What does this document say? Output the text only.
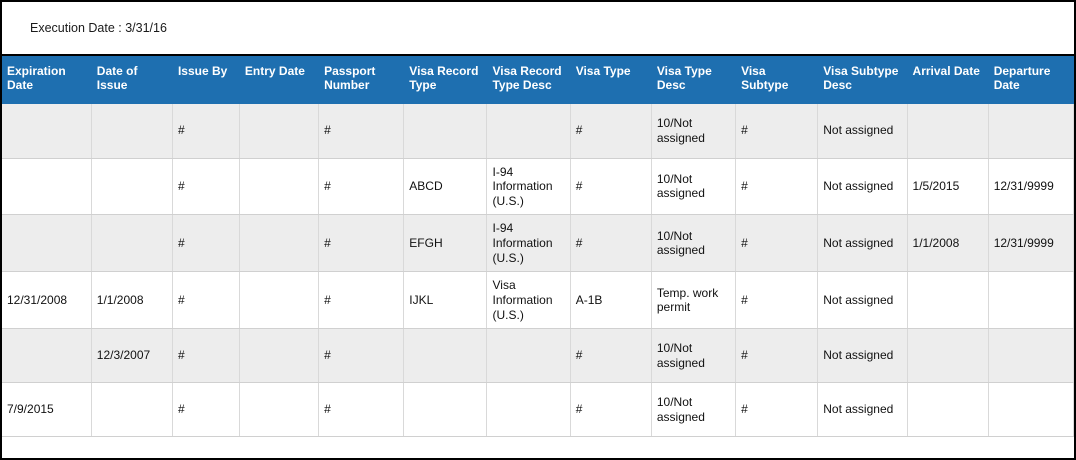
Execution Date : 3/31/16
Expiration Date	Date of Issue	Issue By	Entry Date	Passport Number	Visa Record Type	Visa Record Type Desc	Visa Type	Visa Type Desc	Visa Subtype	Visa Subtype Desc	Arrival Date	Departure Date
		#		#			#	10/Not assigned	#	Not assigned		
		#		#	ABCD	I-94 Information (U.S.)	#	10/Not assigned	#	Not assigned	1/5/2015	12/31/9999
		#		#	EFGH	I-94 Information (U.S.)	#	10/Not assigned	#	Not assigned	1/1/2008	12/31/9999
12/31/2008	1/1/2008	#		#	IJKL	Visa Information (U.S.)	A-1B	Temp. work permit	#	Not assigned		
	12/3/2007	#		#			#	10/Not assigned	#	Not assigned		
7/9/2015		#		#			#	10/Not assigned	#	Not assigned		
